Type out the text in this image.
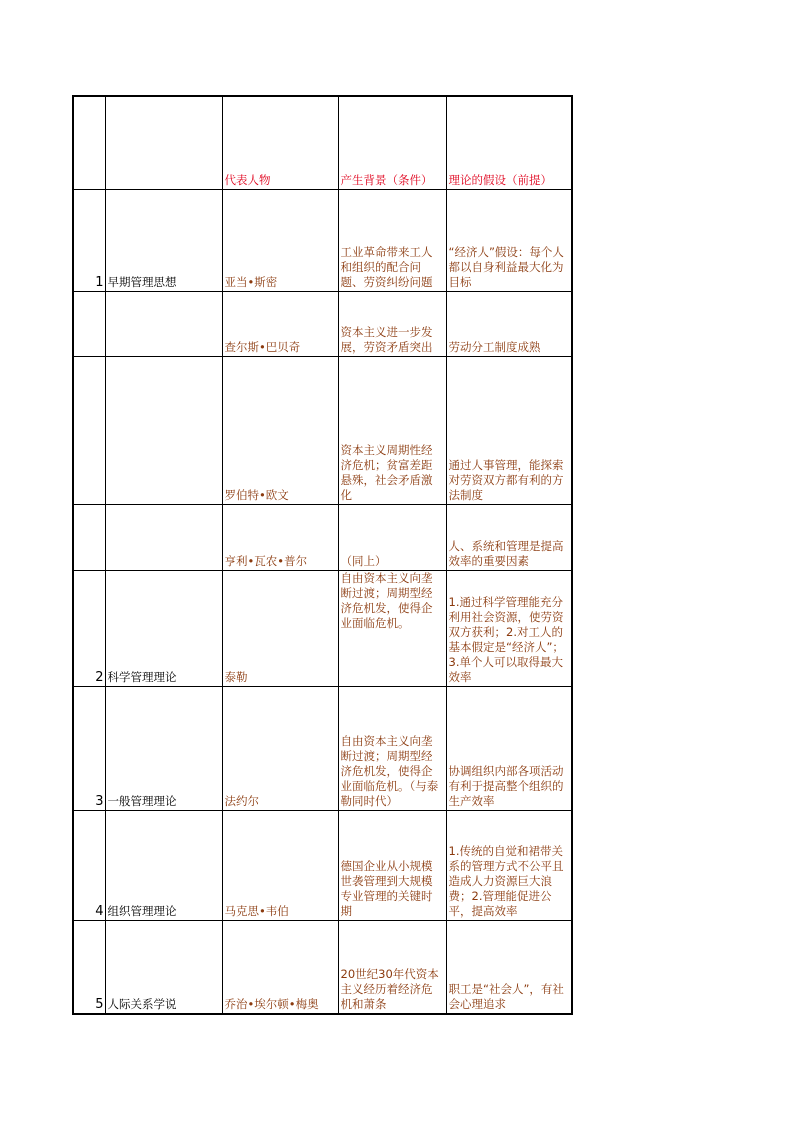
		代表人物	产生背景（条件）	理论的假设（前提）
1	早期管理思想	亚当•斯密	工业革命带来工人和组织的配合问题、劳资纠纷问题	“经济人”假设：每个人都以自身利益最大化为目标
		查尔斯•巴贝奇	资本主义进一步发展，劳资矛盾突出	劳动分工制度成熟
		罗伯特•欧文	资本主义周期性经济危机；贫富差距悬殊，社会矛盾激化	通过人事管理，能探索对劳资双方都有利的方法制度
		亨利•瓦农•普尔	（同上）	人、系统和管理是提高效率的重要因素
2	科学管理理论	泰勒	自由资本主义向垄断过渡；周期型经济危机发，使得企业面临危机。	1.通过科学管理能充分利用社会资源，使劳资双方获利；2.对工人的基本假定是“经济人”；3.单个人可以取得最大效率
3	一般管理理论	法约尔	自由资本主义向垄断过渡；周期型经济危机发，使得企业面临危机。（与泰勒同时代）	协调组织内部各项活动有利于提高整个组织的生产效率
4	组织管理理论	马克思•韦伯	德国企业从小规模世袭管理到大规模专业管理的关键时期	1.传统的自觉和裙带关系的管理方式不公平且造成人力资源巨大浪费；2.管理能促进公平，提高效率
5	人际关系学说	乔治•埃尔顿•梅奥	20世纪30年代资本主义经历着经济危机和萧条	职工是“社会人”，有社会心理追求
